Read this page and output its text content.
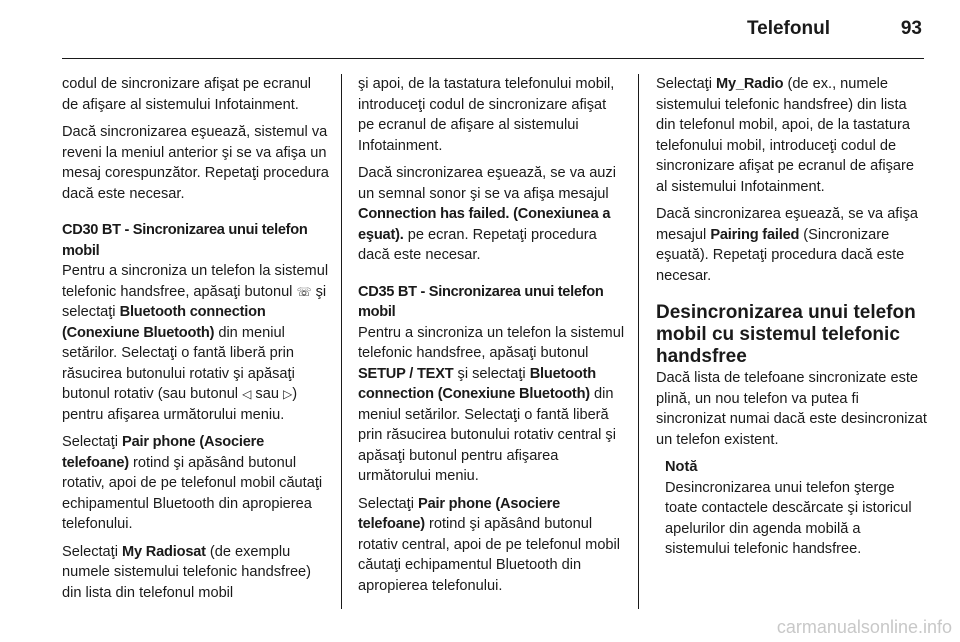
Telefonul	93

codul de sincronizare afişat pe ecranul de afişare al sistemului Infotainment.

Dacă sincronizarea eşuează, sistemul va reveni la meniul anterior şi se va afişa un mesaj corespunzător. Repetaţi procedura dacă este necesar.

CD30 BT - Sincronizarea unui telefon mobil

Pentru a sincroniza un telefon la sistemul telefonic handsfree, apăsaţi butonul ☏ şi selectaţi Bluetooth connection (Conexiune Bluetooth) din meniul setărilor. Selectaţi o fantă liberă prin răsucirea butonului rotativ şi apăsaţi butonul rotativ (sau butonul ◁ sau ▷) pentru afişarea următorului meniu.

Selectaţi Pair phone (Asociere telefoane) rotind şi apăsând butonul rotativ, apoi de pe telefonul mobil căutaţi echipamentul Bluetooth din apropierea telefonului.

Selectaţi My Radiosat (de exemplu numele sistemului telefonic handsfree) din lista din telefonul mobil

şi apoi, de la tastatura telefonului mobil, introduceţi codul de sincronizare afişat pe ecranul de afişare al sistemului Infotainment.

Dacă sincronizarea eşuează, se va auzi un semnal sonor şi se va afişa mesajul Connection has failed. (Conexiunea a eşuat). pe ecran. Repetaţi procedura dacă este necesar.

CD35 BT - Sincronizarea unui telefon mobil

Pentru a sincroniza un telefon la sistemul telefonic handsfree, apăsaţi butonul SETUP / TEXT şi selectaţi Bluetooth connection (Conexiune Bluetooth) din meniul setărilor. Selectaţi o fantă liberă prin răsucirea butonului rotativ central şi apăsaţi butonul pentru afişarea următorului meniu.

Selectaţi Pair phone (Asociere telefoane) rotind şi apăsând butonul rotativ central, apoi de pe telefonul mobil căutaţi echipamentul Bluetooth din apropierea telefonului.

Selectaţi My_Radio (de ex., numele sistemului telefonic handsfree) din lista din telefonul mobil, apoi, de la tastatura telefonului mobil, introduceţi codul de sincronizare afişat pe ecranul de afişare al sistemului Infotainment.

Dacă sincronizarea eşuează, se va afişa mesajul Pairing failed (Sincronizare eşuată). Repetaţi procedura dacă este necesar.

Desincronizarea unui telefon mobil cu sistemul telefonic handsfree

Dacă lista de telefoane sincronizate este plină, un nou telefon va putea fi sincronizat numai dacă este desincronizat un telefon existent.

Notă

Desincronizarea unui telefon şterge toate contactele descărcate şi istoricul apelurilor din agenda mobilă a sistemului telefonic handsfree.

carmanualsonline.info
